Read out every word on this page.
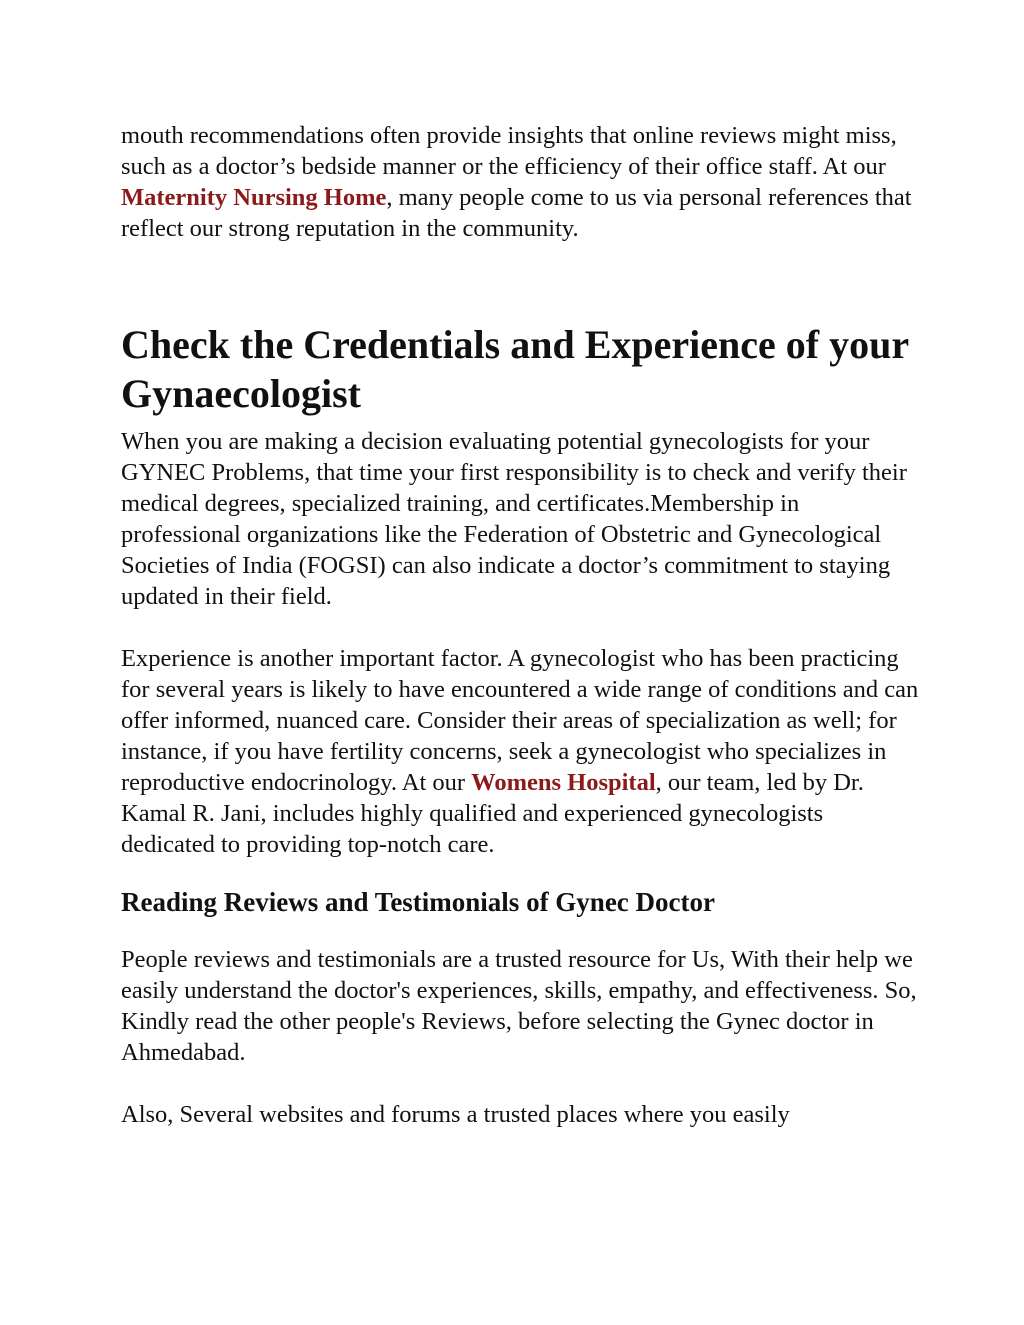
mouth recommendations often provide insights that online reviews might miss, such as a doctor’s bedside manner or the efficiency of their office staff. At our Maternity Nursing Home, many people come to us via personal references that reflect our strong reputation in the community.

Check the Credentials and Experience of your Gynaecologist

When you are making a decision evaluating potential gynecologists for your GYNEC Problems, that time your first responsibility is to check and verify their medical degrees, specialized training, and certificates.Membership in professional organizations like the Federation of Obstetric and Gynecological Societies of India (FOGSI) can also indicate a doctor’s commitment to staying updated in their field.

Experience is another important factor. A gynecologist who has been practicing for several years is likely to have encountered a wide range of conditions and can offer informed, nuanced care. Consider their areas of specialization as well; for instance, if you have fertility concerns, seek a gynecologist who specializes in reproductive endocrinology. At our Womens Hospital, our team, led by Dr. Kamal R. Jani, includes highly qualified and experienced gynecologists dedicated to providing top-notch care.

Reading Reviews and Testimonials of Gynec Doctor

People reviews and testimonials are a trusted resource for Us, With their help we easily understand the doctor's experiences, skills, empathy, and effectiveness. So, Kindly read the other people's Reviews, before selecting the Gynec doctor in Ahmedabad.

Also, Several websites and forums a trusted places where you easily
